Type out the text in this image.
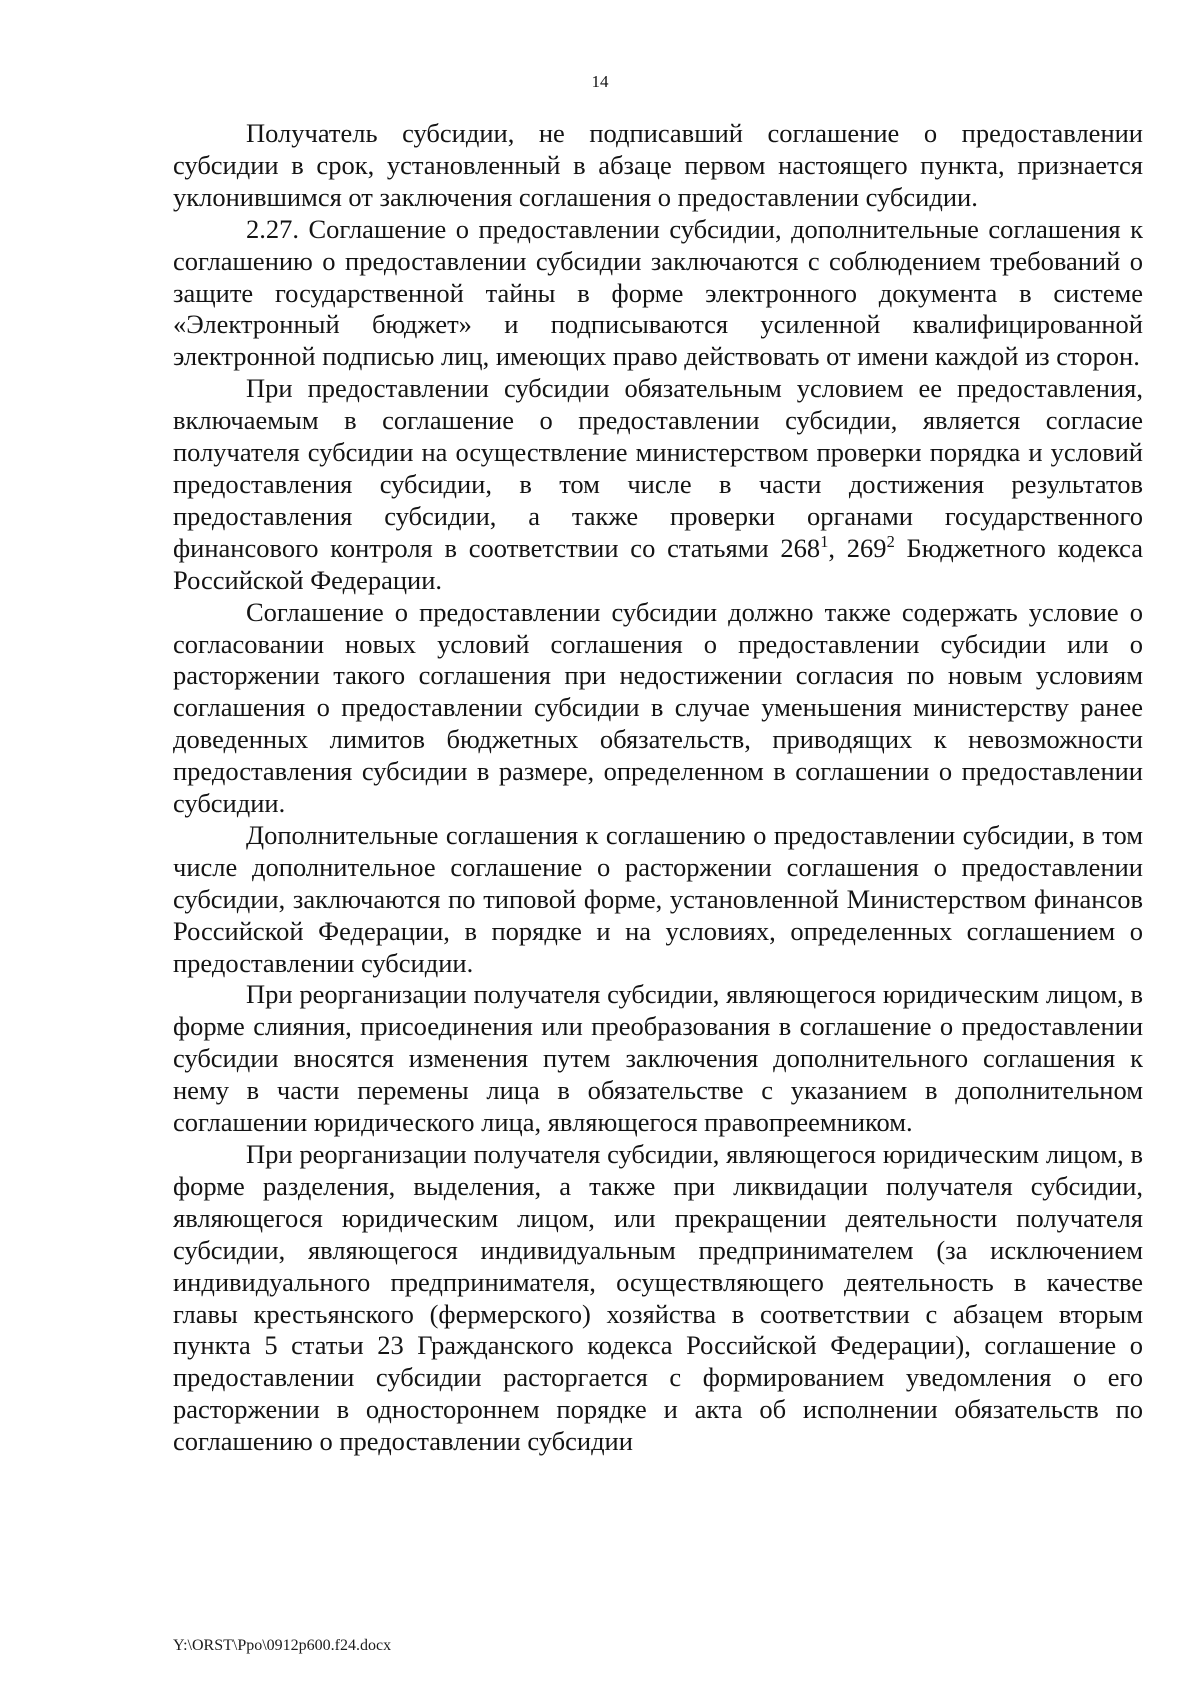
14

Получатель субсидии, не подписавший соглашение о предоставлении субсидии в срок, установленный в абзаце первом настоящего пункта, признается уклонившимся от заключения соглашения о предоставлении субсидии.

2.27. Соглашение о предоставлении субсидии, дополнительные соглашения к соглашению о предоставлении субсидии заключаются с соблюдением требований о защите государственной тайны в форме электронного документа в системе «Электронный бюджет» и подписываются усиленной квалифицированной электронной подписью лиц, имеющих право действовать от имени каждой из сторон.

При предоставлении субсидии обязательным условием ее предоставления, включаемым в соглашение о предоставлении субсидии, является согласие получателя субсидии на осуществление министерством проверки порядка и условий предоставления субсидии, в том числе в части достижения результатов предоставления субсидии, а также проверки органами государственного финансового контроля в соответствии со статьями $268^1$, $269^2$ Бюджетного кодекса Российской Федерации.

Соглашение о предоставлении субсидии должно также содержать условие о согласовании новых условий соглашения о предоставлении субсидии или о расторжении такого соглашения при недостижении согласия по новым условиям соглашения о предоставлении субсидии в случае уменьшения министерству ранее доведенных лимитов бюджетных обязательств, приводящих к невозможности предоставления субсидии в размере, определенном в соглашении о предоставлении субсидии.

Дополнительные соглашения к соглашению о предоставлении субсидии, в том числе дополнительное соглашение о расторжении соглашения о предоставлении субсидии, заключаются по типовой форме, установленной Министерством финансов Российской Федерации, в порядке и на условиях, определенных соглашением о предоставлении субсидии.

При реорганизации получателя субсидии, являющегося юридическим лицом, в форме слияния, присоединения или преобразования в соглашение о предоставлении субсидии вносятся изменения путем заключения дополнительного соглашения к нему в части перемены лица в обязательстве с указанием в дополнительном соглашении юридического лица, являющегося правопреемником.

При реорганизации получателя субсидии, являющегося юридическим лицом, в форме разделения, выделения, а также при ликвидации получателя субсидии, являющегося юридическим лицом, или прекращении деятельности получателя субсидии, являющегося индивидуальным предпринимателем (за исключением индивидуального предпринимателя, осуществляющего деятельность в качестве главы крестьянского (фермерского) хозяйства в соответствии с абзацем вторым пункта 5 статьи 23 Гражданского кодекса Российской Федерации), соглашение о предоставлении субсидии расторгается с формированием уведомления о его расторжении в одностороннем порядке и акта об исполнении обязательств по соглашению о предоставлении субсидии

Y:\ORST\Ppo\0912p600.f24.docx
